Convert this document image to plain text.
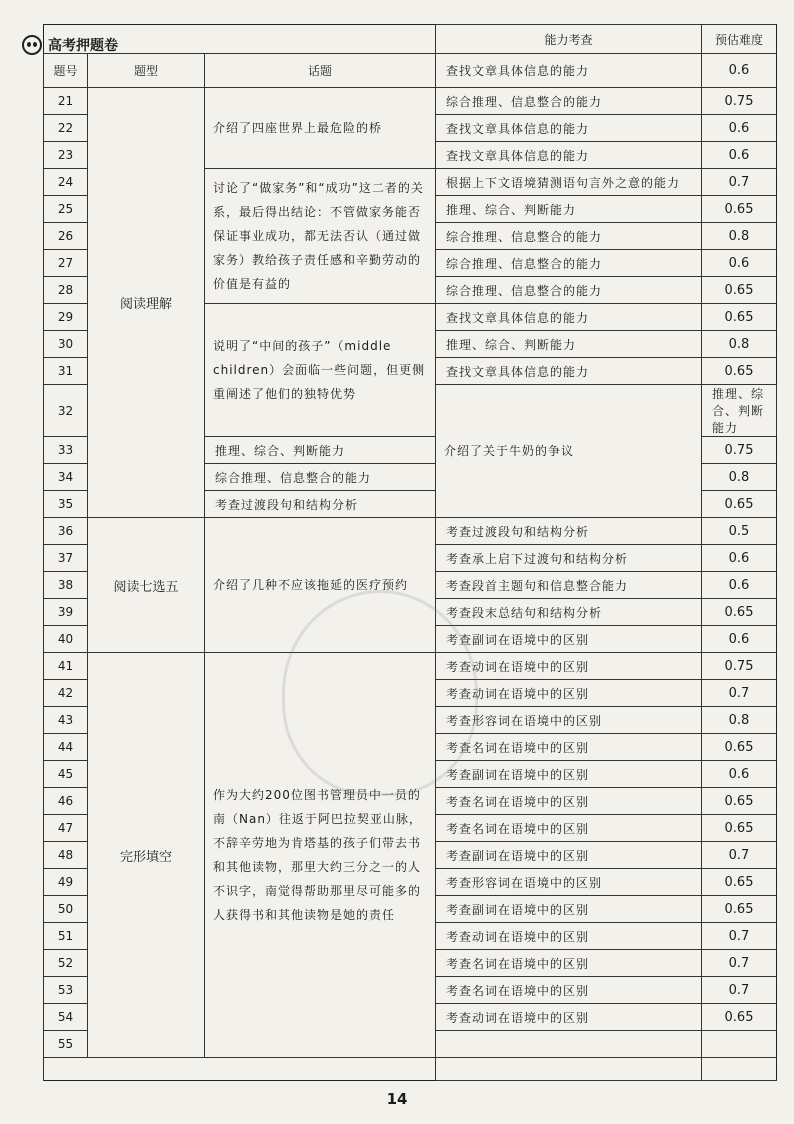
高考押题卷
			能力考查	预估难度	
题号	题型	话题	查找文章具体信息的能力	0.6	
21	阅读理解	介绍了四座世界上最危险的桥	综合推理、信息整合的能力	0.75	
22			查找文章具体信息的能力	0.6	
23			查找文章具体信息的能力	0.6	
24		讨论了“做家务”和“成功”这二者的关系，最后得出结论：不管做家务能否保证事业成功，都无法否认（通过做家务）教给孩子责任感和辛勤劳动的价值是有益的	根据上下文语境猜测语句言外之意的能力	0.7	
25			推理、综合、判断能力	0.65	
26			综合推理、信息整合的能力	0.8	
27			综合推理、信息整合的能力	0.6	
28			综合推理、信息整合的能力	0.65	
29		说明了“中间的孩子”（middle children）会面临一些问题，但更侧重阐述了他们的独特优势	查找文章具体信息的能力	0.65	
30			推理、综合、判断能力	0.8	
31			查找文章具体信息的能力	0.65	
32			介绍了关于牛奶的争议	推理、综合、判断能力	
33		推理、综合、判断能力		0.75	
34		综合推理、信息整合的能力		0.8	
35		考查过渡段句和结构分析		0.65	
36	阅读七选五	介绍了几种不应该拖延的医疗预约	考查过渡段句和结构分析	0.5	
37			考查承上启下过渡句和结构分析	0.6	
38			考查段首主题句和信息整合能力	0.6	
39			考查段末总结句和结构分析	0.65	
40			考查副词在语境中的区别	0.6	
41	完形填空	作为大约200位图书管理员中一员的南（Nan）往返于阿巴拉契亚山脉，不辞辛劳地为肯塔基的孩子们带去书和其他读物，那里大约三分之一的人不识字，南觉得帮助那里尽可能多的人获得书和其他读物是她的责任	考查动词在语境中的区别	0.75	
42			考查动词在语境中的区别	0.7	
43			考查形容词在语境中的区别	0.8	
44			考查名词在语境中的区别	0.65	
45			考查副词在语境中的区别	0.6	
46			考查名词在语境中的区别	0.65	
47			考查名词在语境中的区别	0.65	
48			考查副词在语境中的区别	0.7	
49			考查形容词在语境中的区别	0.65	
50			考查副词在语境中的区别	0.65	
51			考查动词在语境中的区别	0.7	
52			考查名词在语境中的区别	0.7	
53			考查名词在语境中的区别	0.7	
54			考查动词在语境中的区别	0.65	
55					

14
